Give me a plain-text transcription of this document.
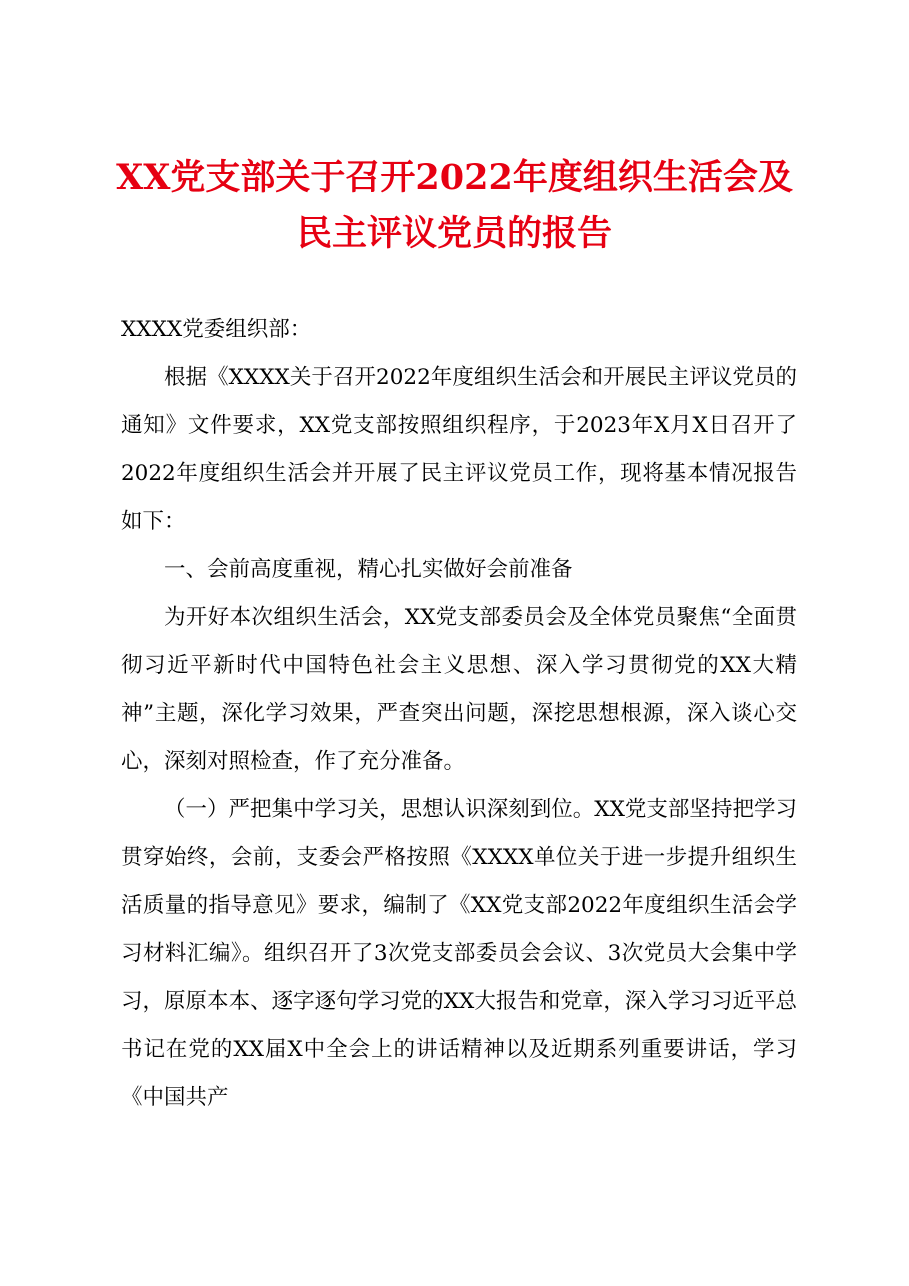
XX党支部关于召开2022年度组织生活会及民主评议党员的报告

XXXX党委组织部：

根据《XXXX关于召开2022年度组织生活会和开展民主评议党员的通知》文件要求，XX党支部按照组织程序，于2023年X月X日召开了2022年度组织生活会并开展了民主评议党员工作，现将基本情况报告如下：

一、会前高度重视，精心扎实做好会前准备

为开好本次组织生活会，XX党支部委员会及全体党员聚焦“全面贯彻习近平新时代中国特色社会主义思想、深入学习贯彻党的XX大精神”主题，深化学习效果，严查突出问题，深挖思想根源，深入谈心交心，深刻对照检查，作了充分准备。

（一）严把集中学习关，思想认识深刻到位。XX党支部坚持把学习贯穿始终，会前，支委会严格按照《XXXX单位关于进一步提升组织生活质量的指导意见》要求，编制了《XX党支部2022年度组织生活会学习材料汇编》。组织召开了3次党支部委员会会议、3次党员大会集中学习，原原本本、逐字逐句学习党的XX大报告和党章，深入学习习近平总书记在党的XX届X中全会上的讲话精神以及近期系列重要讲话，学习《中国共产
